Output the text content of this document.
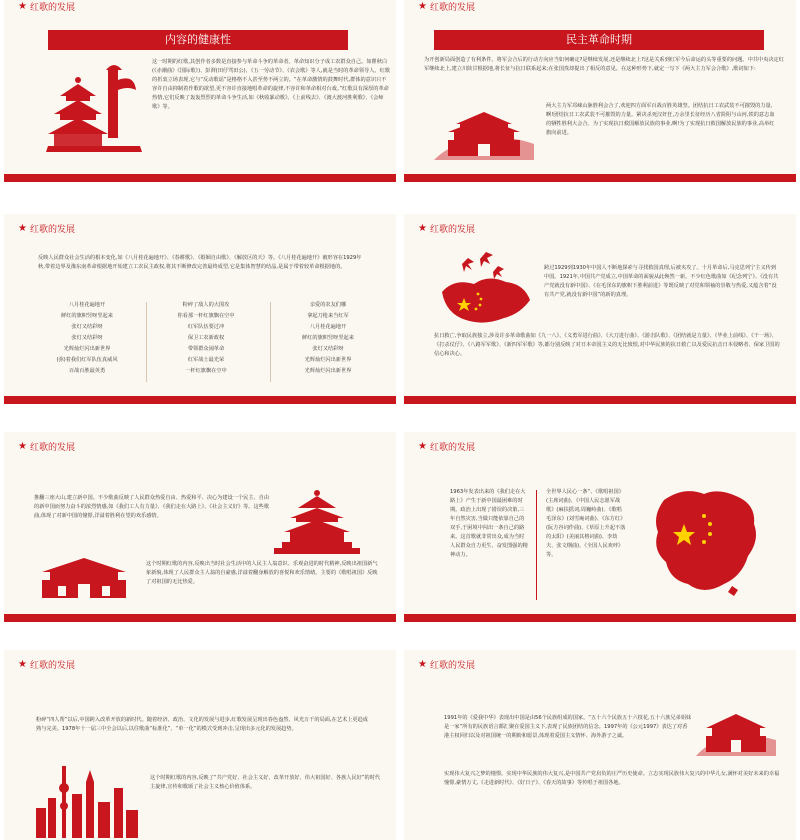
★ 红歌的发展
内容的健康性
这一时期的红歌,其创作者多数是直接参与革命斗争的革命者。革命知识分子成工农群众自己。如瞿秋白(《赤潮曲》《国际歌》)、彭湃(田仔骂田公)、《五一劳动节》、《农会歌》等人,就是当时的革命领导人。红歌的折衷立场表现,它与“反动歌谣”是格格不入甚至势不两立的。“在革命激情的鼓舞时代,群体的意识只不容许自由抑制着作歌的欲望,更不容许直接地唱革命的旋律,不容许和革命相对台戏。”红歌具有深厚的革命热情,它们反映了轰轰烈烈的革命斗争生活,如《秋收暴动歌》、《上前线去》、《渡大渡河胜利歌》、《会师歌》等。
★ 红歌的发展
民主革命时期
为开创新局面创造了有利条件。将军会合后的行动方向应当如何确定?是继续发展,还是继续北上?这是关系到红军今后命运的头等重要的问题。中共中央决定红军继续北上,建立川陕甘根据地,将长征与抗日联系起来;在张国焘却提出了相反的意见。在这种形势下,就定一写下《两大主力军会合歌》,歌词如下:
两大主力军邛崃山脉胜利会合了,欢迎四方面军百战百胜英雄坚。团结抗日工农武装不可摧毁的力量,啊!团结抗日工农武装不可摧毁的力量。紧决杀死汉奸狂,万余里长征经历八省险阻与山河,铁的意志血的牺牲胜利大会合。为了实现抗日救国解放民族的事业,啊!为了实现抗日救国解放民族的事业,高举红旗向前进。
★ 红歌的发展
反映人民群众社会生活的根本变化,如《八月桂花遍地开》、《春耕歌》、《婚姻自由歌》、《解放区的天》等。《八月桂花遍地开》被形容在1929年秋,带着边界及豫东南革命根据地开始建立工农民主政权,将其不断修改完善最终成型,它是集体智慧的结晶,是属于带着较革命根据地的。
八月桂花遍地开
鲜红的旗帜竖呀竖起来
张灯又结彩呀
张灯又结彩呀
光辉灿烂闪出新世界
(弥)着我们红军队伍真威风
百战百胜最英勇
粉碎了敌人的大围攻
你看那一杆红旗飘在空中
红军队伍要过冲
保卫工农新政权
带领群众闹革命
红军战士最光荣
一杆红旗飘在空中
亲爱的农友们哪
拿起刀枪来当红军
八月桂花遍地开
鲜红的旗帜竖呀竖起来
张灯又结彩呀
光辉灿烂闪出新世界
光辉灿烂闪出新世界
★ 红歌的发展
跨过1929到1930年中国人不断地探索与寻找救国真理,后被夹攻了。十月革命后,马克思列宁主义传到中国。1921年,中国共产党成立,中国革命的面貌从此焕然一新。不少红色歌曲如《纪念列宁》、《没有共产党就没有新中国》、《在毛泽东的旗帜下胜利前进》等既反映了对党和领袖的崇敬与热爱,又蕴含着“没有共产党,就没有新中国”的新的真理。
抗日救亡,争取民族独立,涉及许多革命歌曲如《九一八》、《义勇军进行曲》、《大刀进行曲》、《游击队歌》、《团结就是力量》、《毕业上前线》、《干一场》、《打杀仗仔》、《八路军军歌》、《新四军军歌》等,都分别反映了对日本帝国主义的无比愤恨,对中华民族的抗日救亡以及爱民抗击日本侵略者、保家卫国的信心和决心。
★ 红歌的发展
推翻三座大山,建立新中国。不少歌曲反映了人民群众热爱自由、热爱和平、决心为建设一个民主、自由的新中国而努力奋斗的浓烈情感,如《我们工人有力量》、《我们走在大路上》、《社会主义好》等。这些歌曲,体现了对新中国的憧憬,洋溢着胜利在望的欢乐感情。
这个时期红歌的内容,反映出当时社会生活中的人民主人翁意识、乐观奋进的时代精神,反映出祖国新气象新貌,体现了人民群众主人翁的自豪感,洋溢着翻身解放的喜悦和欢乐情绪。主要的《歌唱祖国》反映了对祖国的无比热爱。
★ 红歌的发展
1963年发表出来的《我们走在大路上》产生于新中国最困难的时期。政治上出现了错误的决策,三年自然灾害,当做只能依靠自己的双手,于困境中闯出一条自己的路来。这首歌就非常出众,成为当时人民群众自力更生、奋发图强的精神动力。
全世界人民心一条”、《歌唱祖国》(主席词曲)、《中国人民志愿军战歌》(麻扶摇词,周巍峙曲)、《歌唱毛泽东》(刘雪庵词曲)、《东方红》(阮方谷词作曲)、《草原上升起不落的太阳》(美丽其格词曲)、李劫夫、张文纲曲)、《全国人民欢呼》等。
★ 红歌的发展
粉碎“四人帮”以后,中国跨入改革开放的新时代。随着经济、政治、文化的发展与进步,红歌发展呈现出春色盎然、风光万千的局面,在艺术上更趋成熟与完美。1978年十一届三中全会以后,以往歌曲“标准化”、“单一化”的模式受到冲击,呈现出多元化的发展趋势。
这个时期红歌的内容,反映了“共产党好、社会主义好、改革开放好、伟大祖国好、各族人民好”的时代主旋律,宣传和歌颂了社会主义核心价值体系。
★ 红歌的发展
1991年的《爱我中华》表现出中国是由56个民族组成的国家。“五十六个民族五十六枝花,五十六族兄弟姐妹是一家”所有的民族语言都汇聚在爱国主义下,表现了民族团结的信念。1997年的《公元1997》表达了对香港主权回归以及对祖国统一的期盼和愿景,体现着爱国主义情怀、海外游子之诚。
实现伟大复兴之梦的憧憬。实现中华民族的伟大复兴,是中国共产党肩负的庄严历史使命。立志实现民族伟大复兴的中华儿女,满怀对美好未来的幸福憧憬,豪情万丈,《走进新时代》、《好日子》、《春天的故事》等传唱于祖国各地。
